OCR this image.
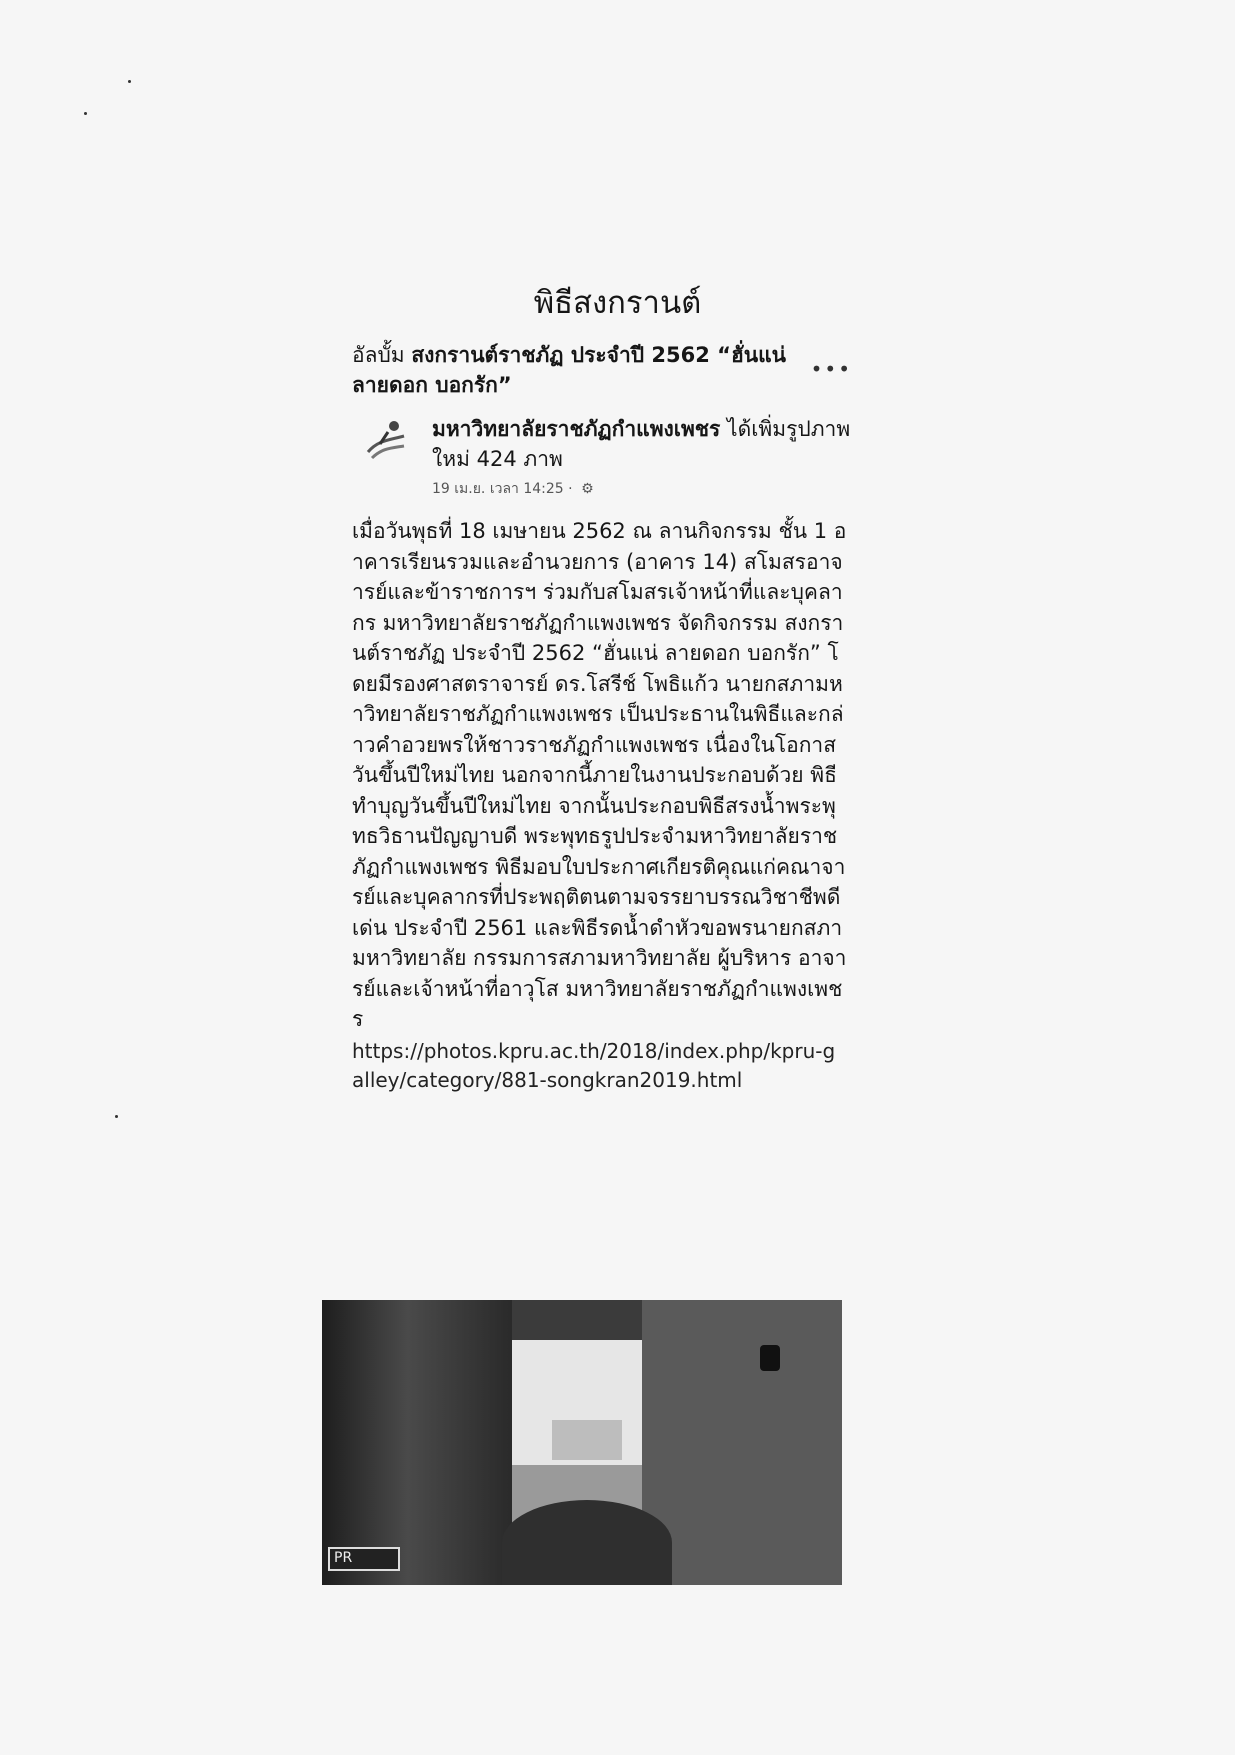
พิธีสงกรานต์
อัลบั้ม สงกรานต์ราชภัฏ ประจำปี 2562 “ฮั่นแน่ ลายดอก บอกรัก”
•••
มหาวิทยาลัยราชภัฏกำแพงเพชร ได้เพิ่มรูปภาพใหม่ 424 ภาพ
19 เม.ย. เวลา 14:25 · ⚙
เมื่อวันพุธที่ 18 เมษายน 2562 ณ ลานกิจกรรม ชั้น 1 อาคารเรียนรวมและอำนวยการ (อาคาร 14) สโมสรอาจารย์และข้าราชการฯ ร่วมกับสโมสรเจ้าหน้าที่และบุคลากร มหาวิทยาลัยราชภัฏกำแพงเพชร จัดกิจกรรม สงกรานต์ราชภัฏ ประจำปี 2562 “ฮั่นแน่ ลายดอก บอกรัก” โดยมีรองศาสตราจารย์ ดร.โสรีช์ โพธิแก้ว นายกสภามหาวิทยาลัยราชภัฏกำแพงเพชร เป็นประธานในพิธีและกล่าวคำอวยพรให้ชาวราชภัฏกำแพงเพชร เนื่องในโอกาสวันขึ้นปีใหม่ไทย นอกจากนี้ภายในงานประกอบด้วย พิธีทำบุญวันขึ้นปีใหม่ไทย จากนั้นประกอบพิธีสรงน้ำพระพุทธวิธานปัญญาบดี พระพุทธรูปประจำมหาวิทยาลัยราชภัฏกำแพงเพชร พิธีมอบใบประกาศเกียรติคุณแก่คณาจารย์และบุคลากรที่ประพฤติตนตามจรรยาบรรณวิชาชีพดีเด่น ประจำปี 2561 และพิธีรดน้ำดำหัวขอพรนายกสภามหาวิทยาลัย กรรมการสภามหาวิทยาลัย ผู้บริหาร อาจารย์และเจ้าหน้าที่อาวุโส มหาวิทยาลัยราชภัฏกำแพงเพชร
https://photos.kpru.ac.th/2018/index.php/kpru-galley/category/881-songkran2019.html
PR
